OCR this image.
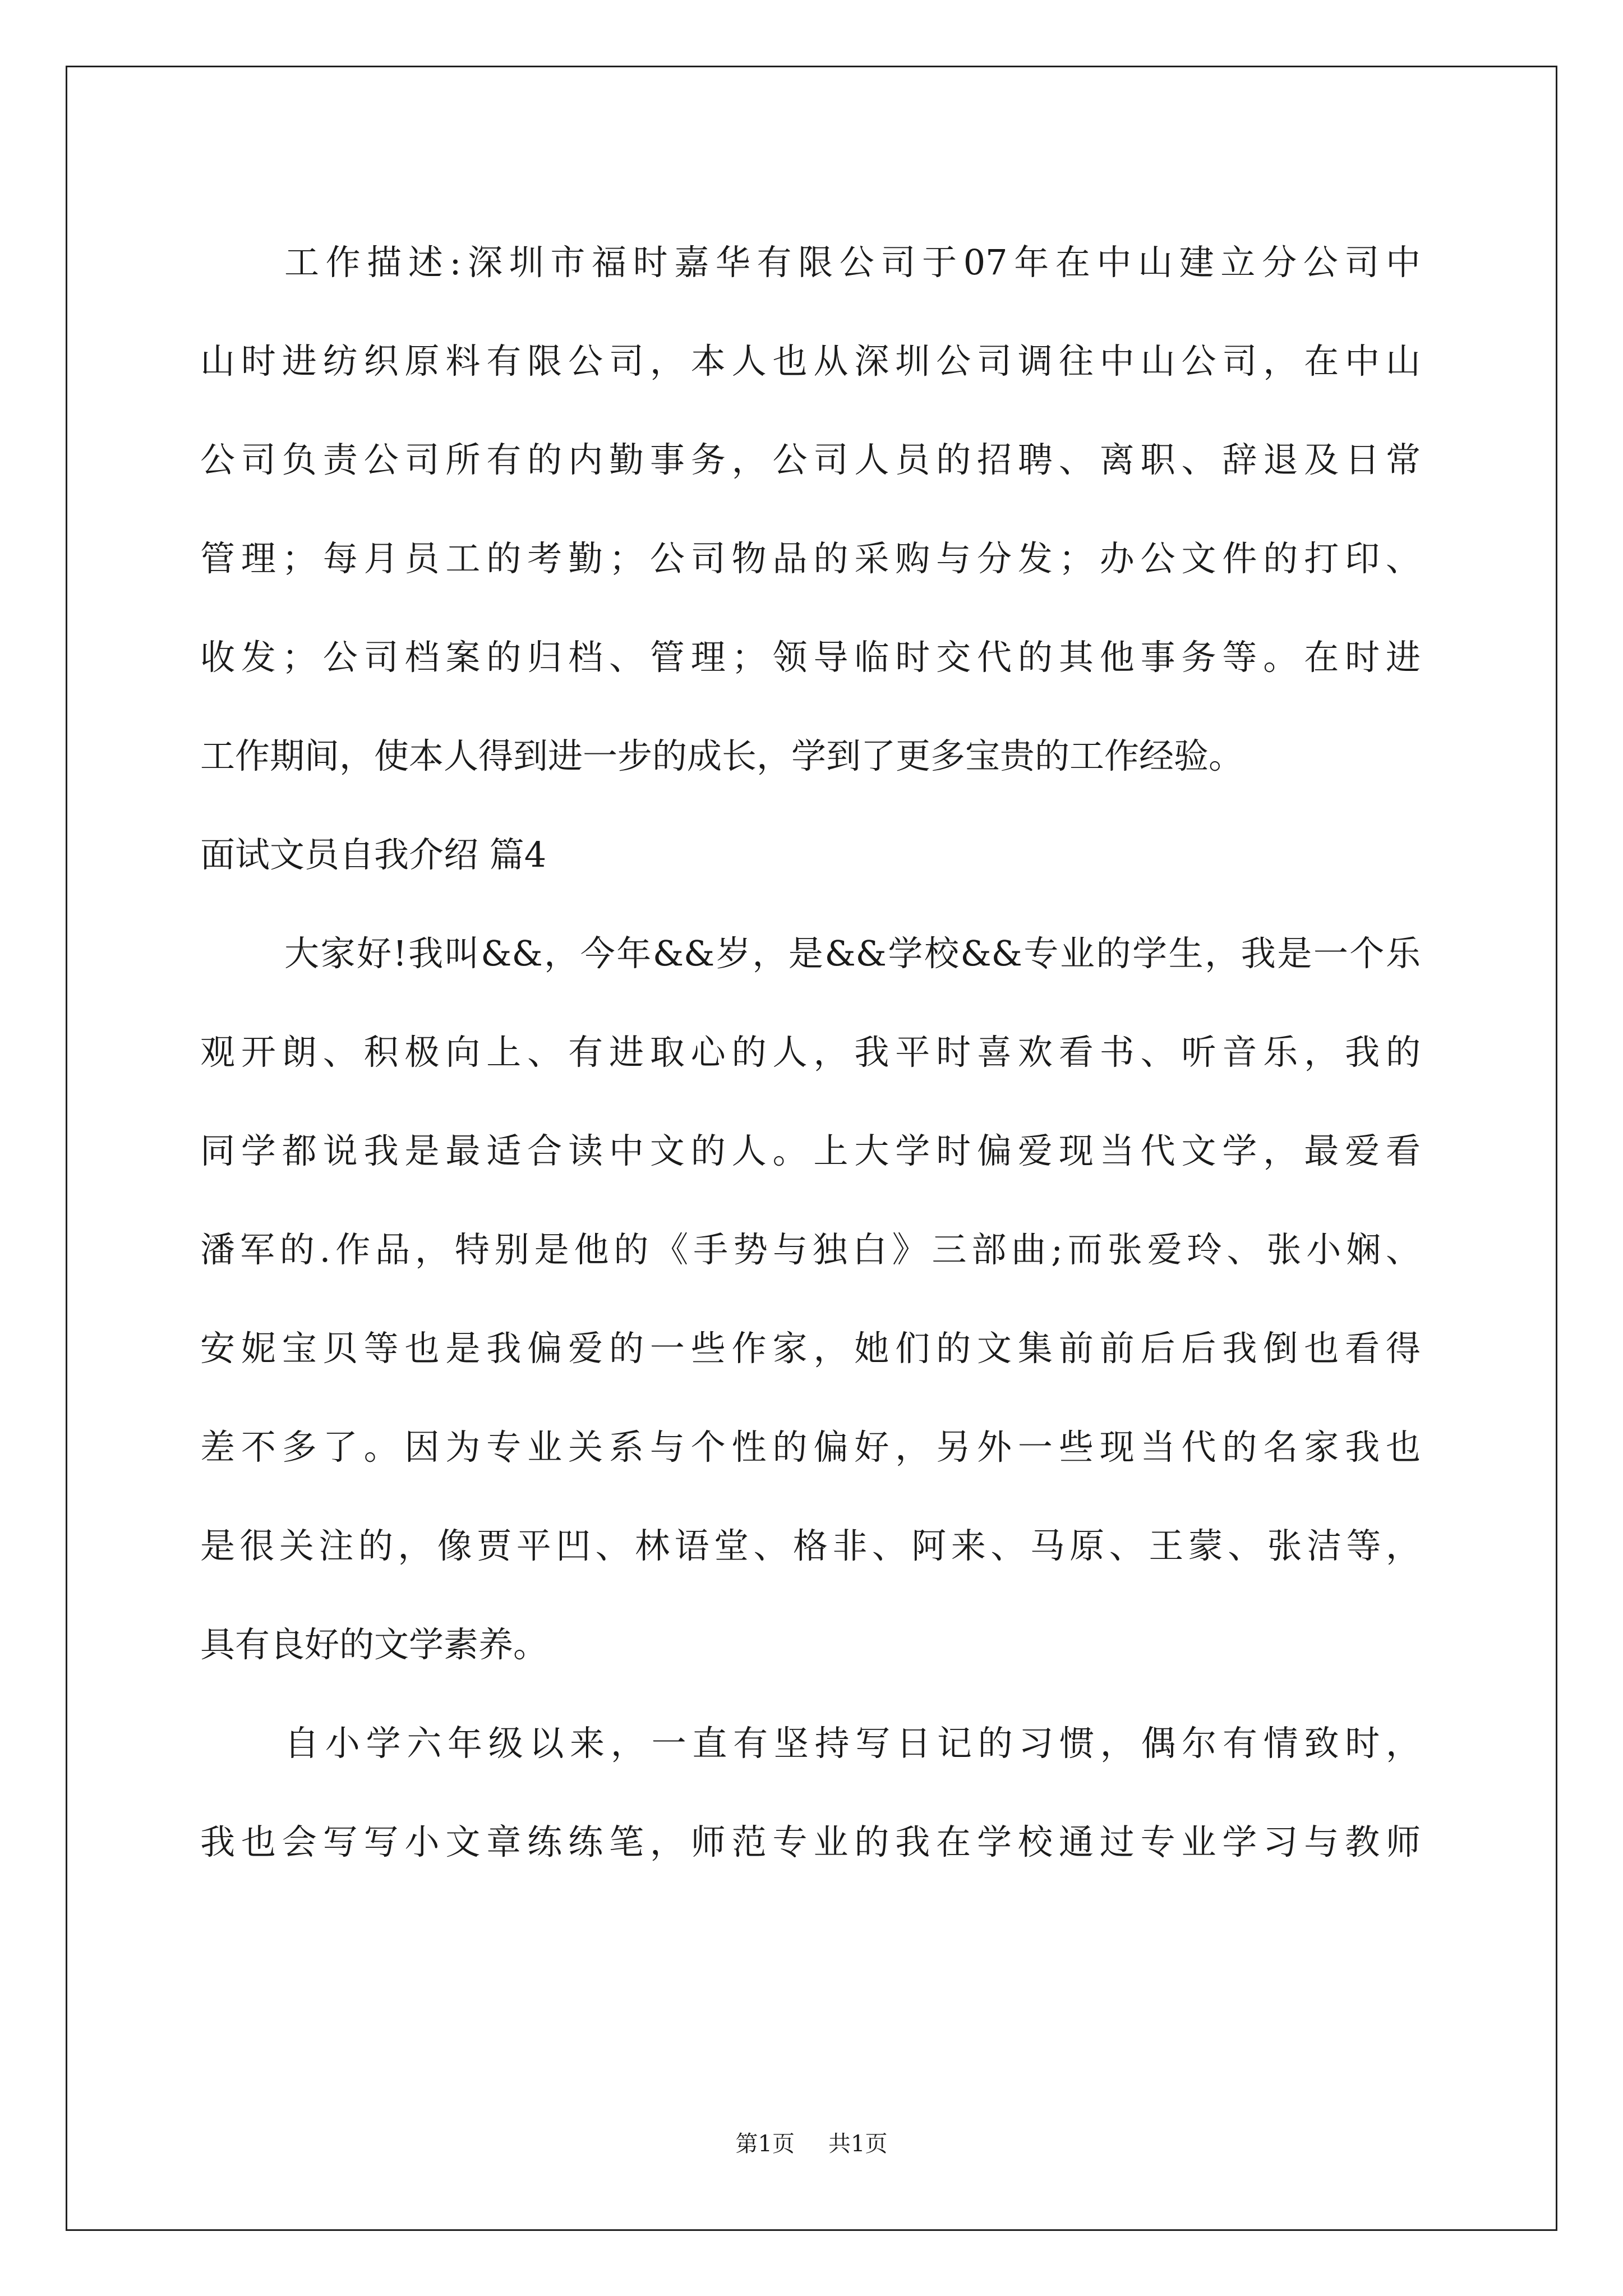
工作描述:深圳市福时嘉华有限公司于07年在中山建立分公司中
山时进纺织原料有限公司，本人也从深圳公司调往中山公司，在中山
公司负责公司所有的内勤事务，公司人员的招聘、离职、辞退及日常
管理；每月员工的考勤；公司物品的采购与分发；办公文件的打印、
收发；公司档案的归档、管理；领导临时交代的其他事务等。在时进
工作期间，使本人得到进一步的成长，学到了更多宝贵的工作经验。
面试文员自我介绍 篇4
大家好!我叫&&，今年&&岁，是&&学校&&专业的学生，我是一个乐
观开朗、积极向上、有进取心的人，我平时喜欢看书、听音乐，我的
同学都说我是最适合读中文的人。上大学时偏爱现当代文学，最爱看
潘军的.作品，特别是他的《手势与独白》三部曲;而张爱玲、张小娴、
安妮宝贝等也是我偏爱的一些作家，她们的文集前前后后我倒也看得
差不多了。因为专业关系与个性的偏好，另外一些现当代的名家我也
是很关注的，像贾平凹、林语堂、格非、阿来、马原、王蒙、张洁等，
具有良好的文学素养。
自小学六年级以来，一直有坚持写日记的习惯，偶尔有情致时，
我也会写写小文章练练笔，师范专业的我在学校通过专业学习与教师
第1页 共1页
